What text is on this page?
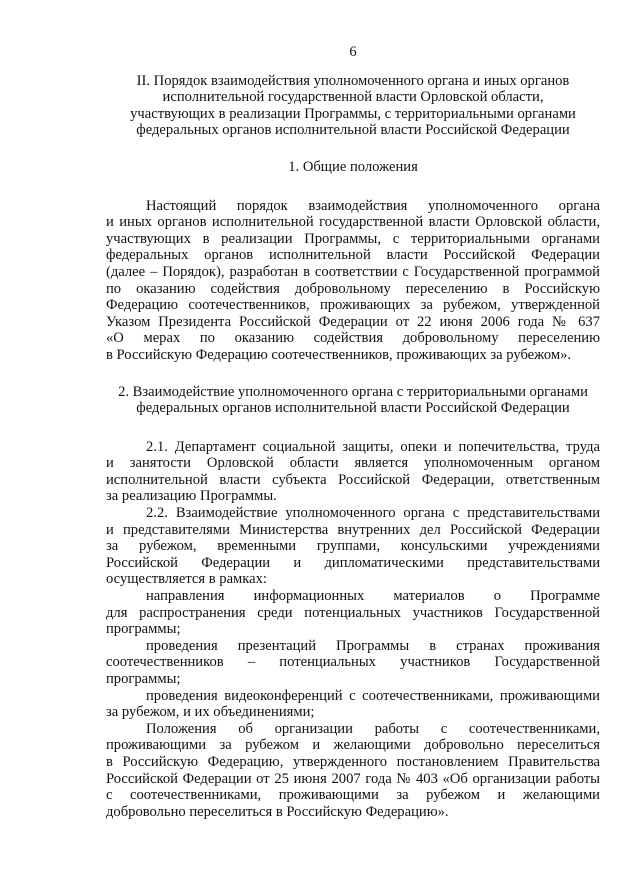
6
II. Порядок взаимодействия уполномоченного органа и иных органов
исполнительной государственной власти Орловской области,
участвующих в реализации Программы, с территориальными органами
федеральных органов исполнительной власти Российской Федерации
1. Общие положения
Настоящий порядок взаимодействия уполномоченного органа
и иных органов исполнительной государственной власти Орловской области,
участвующих в реализации Программы, с территориальными органами
федеральных органов исполнительной власти Российской Федерации
(далее – Порядок), разработан в соответствии с Государственной программой
по оказанию содействия добровольному переселению в Российскую
Федерацию соотечественников, проживающих за рубежом, утвержденной
Указом Президента Российской Федерации от 22 июня 2006 года № 637
«О мерах по оказанию содействия добровольному переселению
в Российскую Федерацию соотечественников, проживающих за рубежом».
2. Взаимодействие уполномоченного органа с территориальными органами
федеральных органов исполнительной власти Российской Федерации
2.1. Департамент социальной защиты, опеки и попечительства, труда
и занятости Орловской области является уполномоченным органом
исполнительной власти субъекта Российской Федерации, ответственным
за реализацию Программы.
2.2. Взаимодействие уполномоченного органа с представительствами
и представителями Министерства внутренних дел Российской Федерации
за рубежом, временными группами, консульскими учреждениями
Российской Федерации и дипломатическими представительствами
осуществляется в рамках:
направления информационных материалов о Программе
для распространения среди потенциальных участников Государственной
программы;
проведения презентаций Программы в странах проживания
соотечественников – потенциальных участников Государственной
программы;
проведения видеоконференций с соотечественниками, проживающими
за рубежом, и их объединениями;
Положения об организации работы с соотечественниками,
проживающими за рубежом и желающими добровольно переселиться
в Российскую Федерацию, утвержденного постановлением Правительства
Российской Федерации от 25 июня 2007 года № 403 «Об организации работы
с соотечественниками, проживающими за рубежом и желающими
добровольно переселиться в Российскую Федерацию».
